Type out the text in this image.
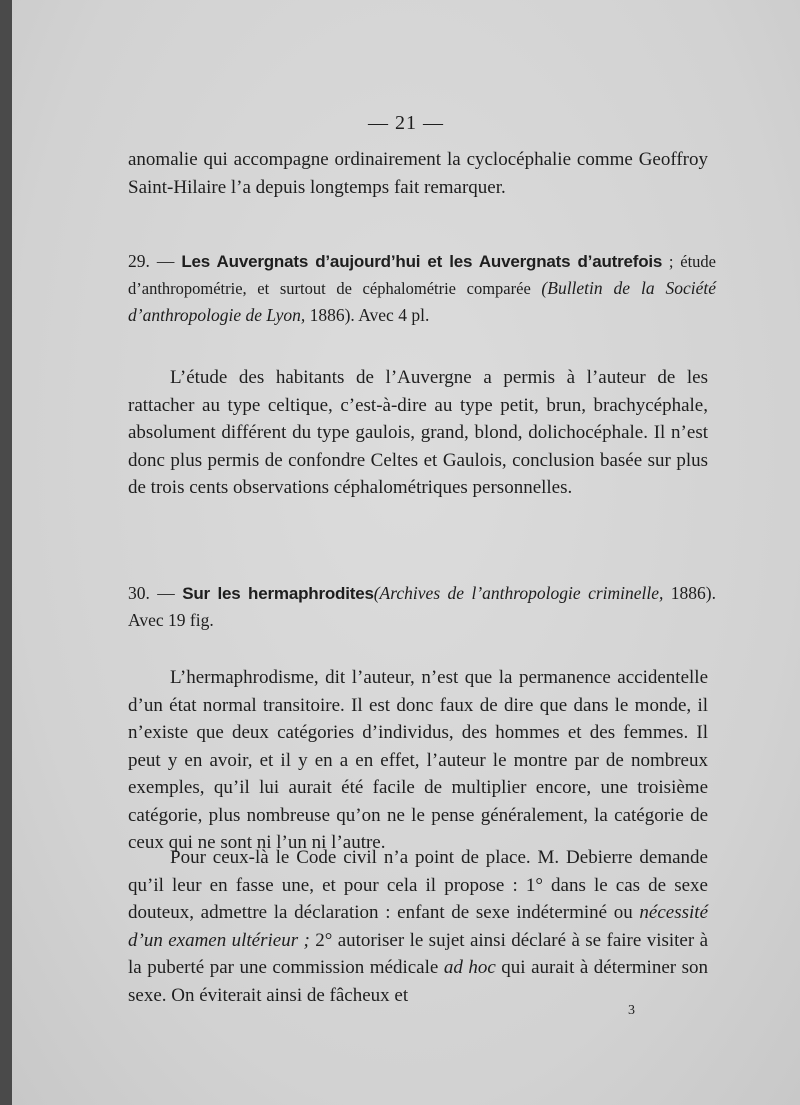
— 21 —

anomalie qui accompagne ordinairement la cyclocéphalie comme Geoffroy Saint-Hilaire l’a depuis longtemps fait remarquer.

29. — Les Auvergnats d’aujourd’hui et les Auvergnats d’autrefois ; étude d’anthropométrie, et surtout de céphalométrie comparée (Bulletin de la Société d’anthropologie de Lyon, 1886). Avec 4 pl.

L’étude des habitants de l’Auvergne a permis à l’auteur de les rattacher au type celtique, c’est-à-dire au type petit, brun, brachycéphale, absolument différent du type gaulois, grand, blond, dolichocéphale. Il n’est donc plus permis de confondre Celtes et Gaulois, conclusion basée sur plus de trois cents observations céphalométriques personnelles.

30. — Sur les hermaphrodites(Archives de l’anthropologie criminelle, 1886). Avec 19 fig.

L’hermaphrodisme, dit l’auteur, n’est que la permanence accidentelle d’un état normal transitoire. Il est donc faux de dire que dans le monde, il n’existe que deux catégories d’individus, des hommes et des femmes. Il peut y en avoir, et il y en a en effet, l’auteur le montre par de nombreux exemples, qu’il lui aurait été facile de multiplier encore, une troisième catégorie, plus nombreuse qu’on ne le pense généralement, la catégorie de ceux qui ne sont ni l’un ni l’autre.

Pour ceux-là le Code civil n’a point de place. M. Debierre demande qu’il leur en fasse une, et pour cela il propose : 1° dans le cas de sexe douteux, admettre la déclaration : enfant de sexe indéterminé ou nécessité d’un examen ultérieur ; 2° autoriser le sujet ainsi déclaré à se faire visiter à la puberté par une commission médicale ad hoc qui aurait à déterminer son sexe. On éviterait ainsi de fâcheux et

3
